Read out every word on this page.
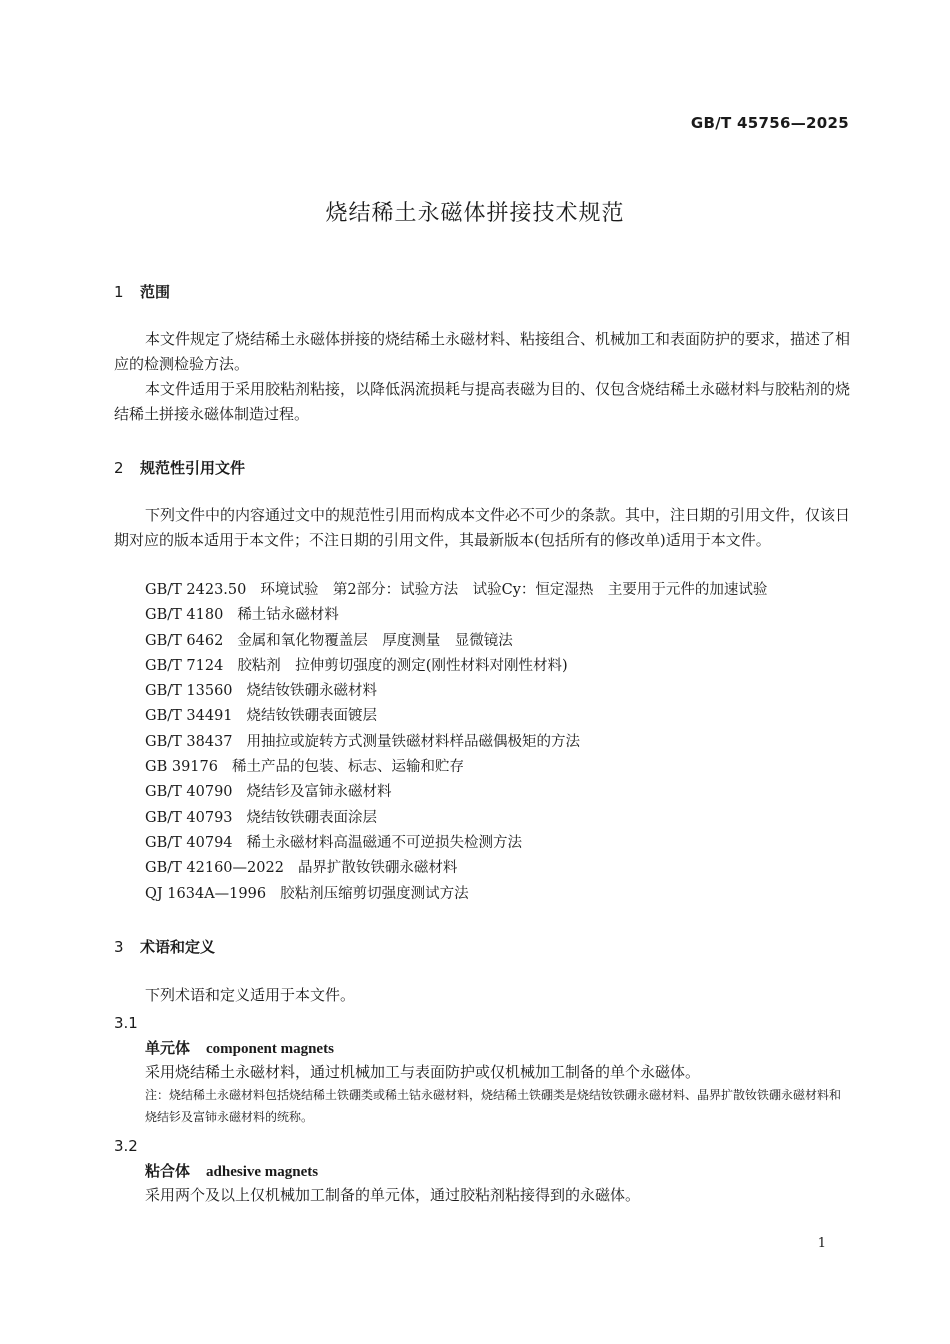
GB/T 45756—2025
烧结稀土永磁体拼接技术规范
1 范围

本文件规定了烧结稀土永磁体拼接的烧结稀土永磁材料、粘接组合、机械加工和表面防护的要求，描述了相应的检测检验方法。

本文件适用于采用胶粘剂粘接，以降低涡流损耗与提高表磁为目的、仅包含烧结稀土永磁材料与胶粘剂的烧结稀土拼接永磁体制造过程。

2 规范性引用文件

下列文件中的内容通过文中的规范性引用而构成本文件必不可少的条款。其中，注日期的引用文件，仅该日期对应的版本适用于本文件；不注日期的引用文件，其最新版本(包括所有的修改单)适用于本文件。

GB/T 2423.50 环境试验　第2部分：试验方法　试验Cy：恒定湿热　主要用于元件的加速试验
GB/T 4180 稀土钴永磁材料
GB/T 6462 金属和氧化物覆盖层　厚度测量　显微镜法
GB/T 7124 胶粘剂　拉伸剪切强度的测定(刚性材料对刚性材料)
GB/T 13560 烧结钕铁硼永磁材料
GB/T 34491 烧结钕铁硼表面镀层
GB/T 38437 用抽拉或旋转方式测量铁磁材料样品磁偶极矩的方法
GB 39176 稀土产品的包装、标志、运输和贮存
GB/T 40790 烧结钐及富铈永磁材料
GB/T 40793 烧结钕铁硼表面涂层
GB/T 40794 稀土永磁材料高温磁通不可逆损失检测方法
GB/T 42160—2022 晶界扩散钕铁硼永磁材料
QJ 1634A—1996 胶粘剂压缩剪切强度测试方法
3 术语和定义

下列术语和定义适用于本文件。

3.1
单元体 component magnets
采用烧结稀土永磁材料，通过机械加工与表面防护或仅机械加工制备的单个永磁体。
注：烧结稀土永磁材料包括烧结稀土铁硼类或稀土钴永磁材料，烧结稀土铁硼类是烧结钕铁硼永磁材料、晶界扩散钕铁硼永磁材料和烧结钐及富铈永磁材料的统称。
3.2
粘合体 adhesive magnets
采用两个及以上仅机械加工制备的单元体，通过胶粘剂粘接得到的永磁体。
1
